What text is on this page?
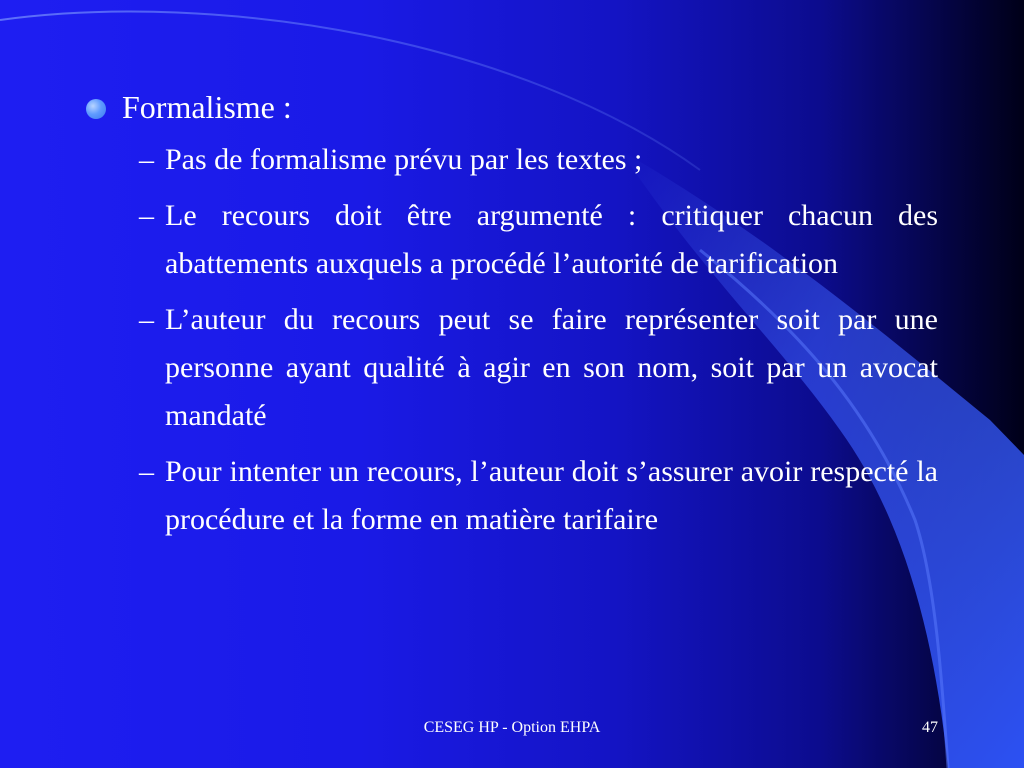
Formalisme :
– Pas de formalisme prévu par les textes ;
– Le recours doit être argumenté : critiquer chacun des abattements auxquels a procédé l’autorité de tarification
– L’auteur du recours peut se faire représenter soit par une personne ayant qualité à agir en son nom, soit par un avocat mandaté
– Pour intenter un recours, l’auteur doit s’assurer avoir respecté la procédure et la forme en matière tarifaire
CESEG HP - Option EHPA	47
